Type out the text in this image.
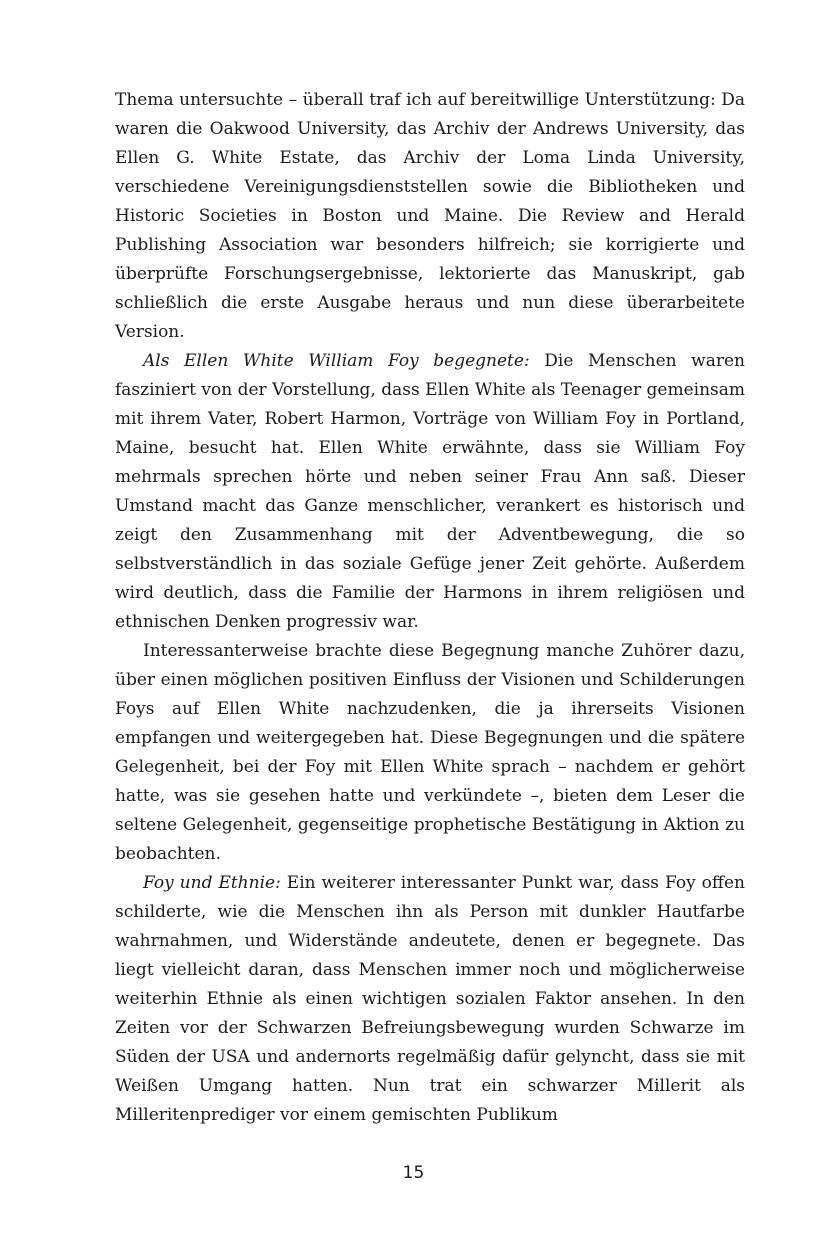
Thema untersuchte – überall traf ich auf bereitwillige Unterstützung: Da waren die Oakwood University, das Archiv der Andrews University, das Ellen G. White Estate, das Archiv der Loma Linda University, verschiedene Vereinigungsdienststellen sowie die Bibliotheken und Historic Societies in Boston und Maine. Die Review and Herald Publishing Association war besonders hilfreich; sie korrigierte und überprüfte Forschungsergebnisse, lektorierte das Manuskript, gab schließlich die erste Ausgabe heraus und nun diese überarbeitete Version.

Als Ellen White William Foy begegnete: Die Menschen waren fasziniert von der Vorstellung, dass Ellen White als Teenager gemeinsam mit ihrem Vater, Robert Harmon, Vorträge von William Foy in Portland, Maine, besucht hat. Ellen White erwähnte, dass sie William Foy mehrmals sprechen hörte und neben seiner Frau Ann saß. Dieser Umstand macht das Ganze menschlicher, verankert es historisch und zeigt den Zusammenhang mit der Adventbewegung, die so selbstverständlich in das soziale Gefüge jener Zeit gehörte. Außerdem wird deutlich, dass die Familie der Harmons in ihrem religiösen und ethnischen Denken progressiv war.

Interessanterweise brachte diese Begegnung manche Zuhörer dazu, über einen möglichen positiven Einfluss der Visionen und Schilderungen Foys auf Ellen White nachzudenken, die ja ihrerseits Visionen empfangen und weitergegeben hat. Diese Begegnungen und die spätere Gelegenheit, bei der Foy mit Ellen White sprach – nachdem er gehört hatte, was sie gesehen hatte und verkündete –, bieten dem Leser die seltene Gelegenheit, gegenseitige prophetische Bestätigung in Aktion zu beobachten.

Foy und Ethnie: Ein weiterer interessanter Punkt war, dass Foy offen schilderte, wie die Menschen ihn als Person mit dunkler Hautfarbe wahrnahmen, und Widerstände andeutete, denen er begegnete. Das liegt vielleicht daran, dass Menschen immer noch und möglicherweise weiterhin Ethnie als einen wichtigen sozialen Faktor ansehen. In den Zeiten vor der Schwarzen Befreiungsbewegung wurden Schwarze im Süden der USA und andernorts regelmäßig dafür gelyncht, dass sie mit Weißen Umgang hatten. Nun trat ein schwarzer Millerit als Milleritenprediger vor einem gemischten Publikum

15
